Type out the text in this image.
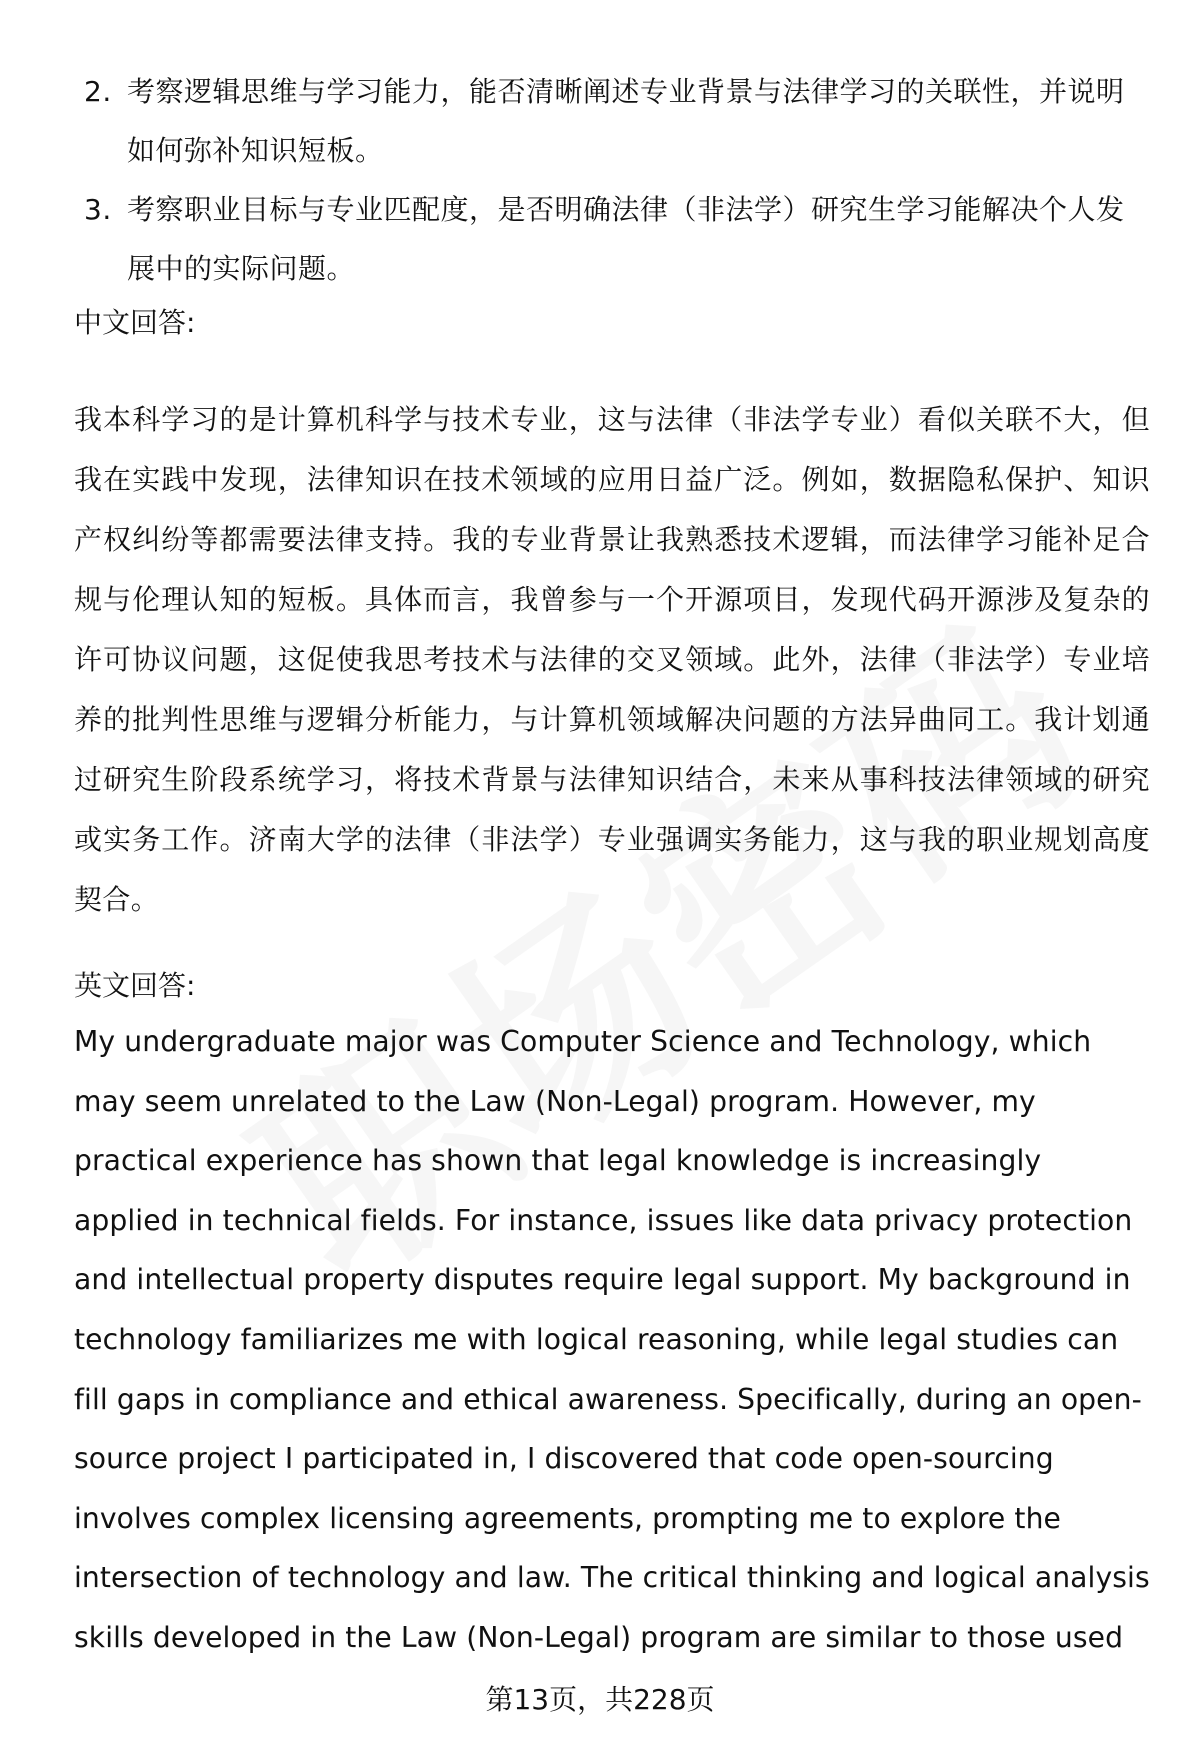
2. 考察逻辑思维与学习能力，能否清晰阐述专业背景与法律学习的关联性，并说明如何弥补知识短板。
3. 考察职业目标与专业匹配度，是否明确法律（非法学）研究生学习能解决个人发展中的实际问题。
中文回答:

我本科学习的是计算机科学与技术专业，这与法律（非法学专业）看似关联不大，但我在实践中发现，法律知识在技术领域的应用日益广泛。例如，数据隐私保护、知识产权纠纷等都需要法律支持。我的专业背景让我熟悉技术逻辑，而法律学习能补足合规与伦理认知的短板。具体而言，我曾参与一个开源项目，发现代码开源涉及复杂的许可协议问题，这促使我思考技术与法律的交叉领域。此外，法律（非法学）专业培养的批判性思维与逻辑分析能力，与计算机领域解决问题的方法异曲同工。我计划通过研究生阶段系统学习，将技术背景与法律知识结合，未来从事科技法律领域的研究或实务工作。济南大学的法律（非法学）专业强调实务能力，这与我的职业规划高度契合。

英文回答:

My undergraduate major was Computer Science and Technology, which may seem unrelated to the Law (Non-Legal) program. However, my practical experience has shown that legal knowledge is increasingly applied in technical fields. For instance, issues like data privacy protection and intellectual property disputes require legal support. My background in technology familiarizes me with logical reasoning, while legal studies can fill gaps in compliance and ethical awareness. Specifically, during an open-source project I participated in, I discovered that code open-sourcing involves complex licensing agreements, prompting me to explore the intersection of technology and law. The critical thinking and logical analysis skills developed in the Law (Non-Legal) program are similar to those used

第13页，共228页
